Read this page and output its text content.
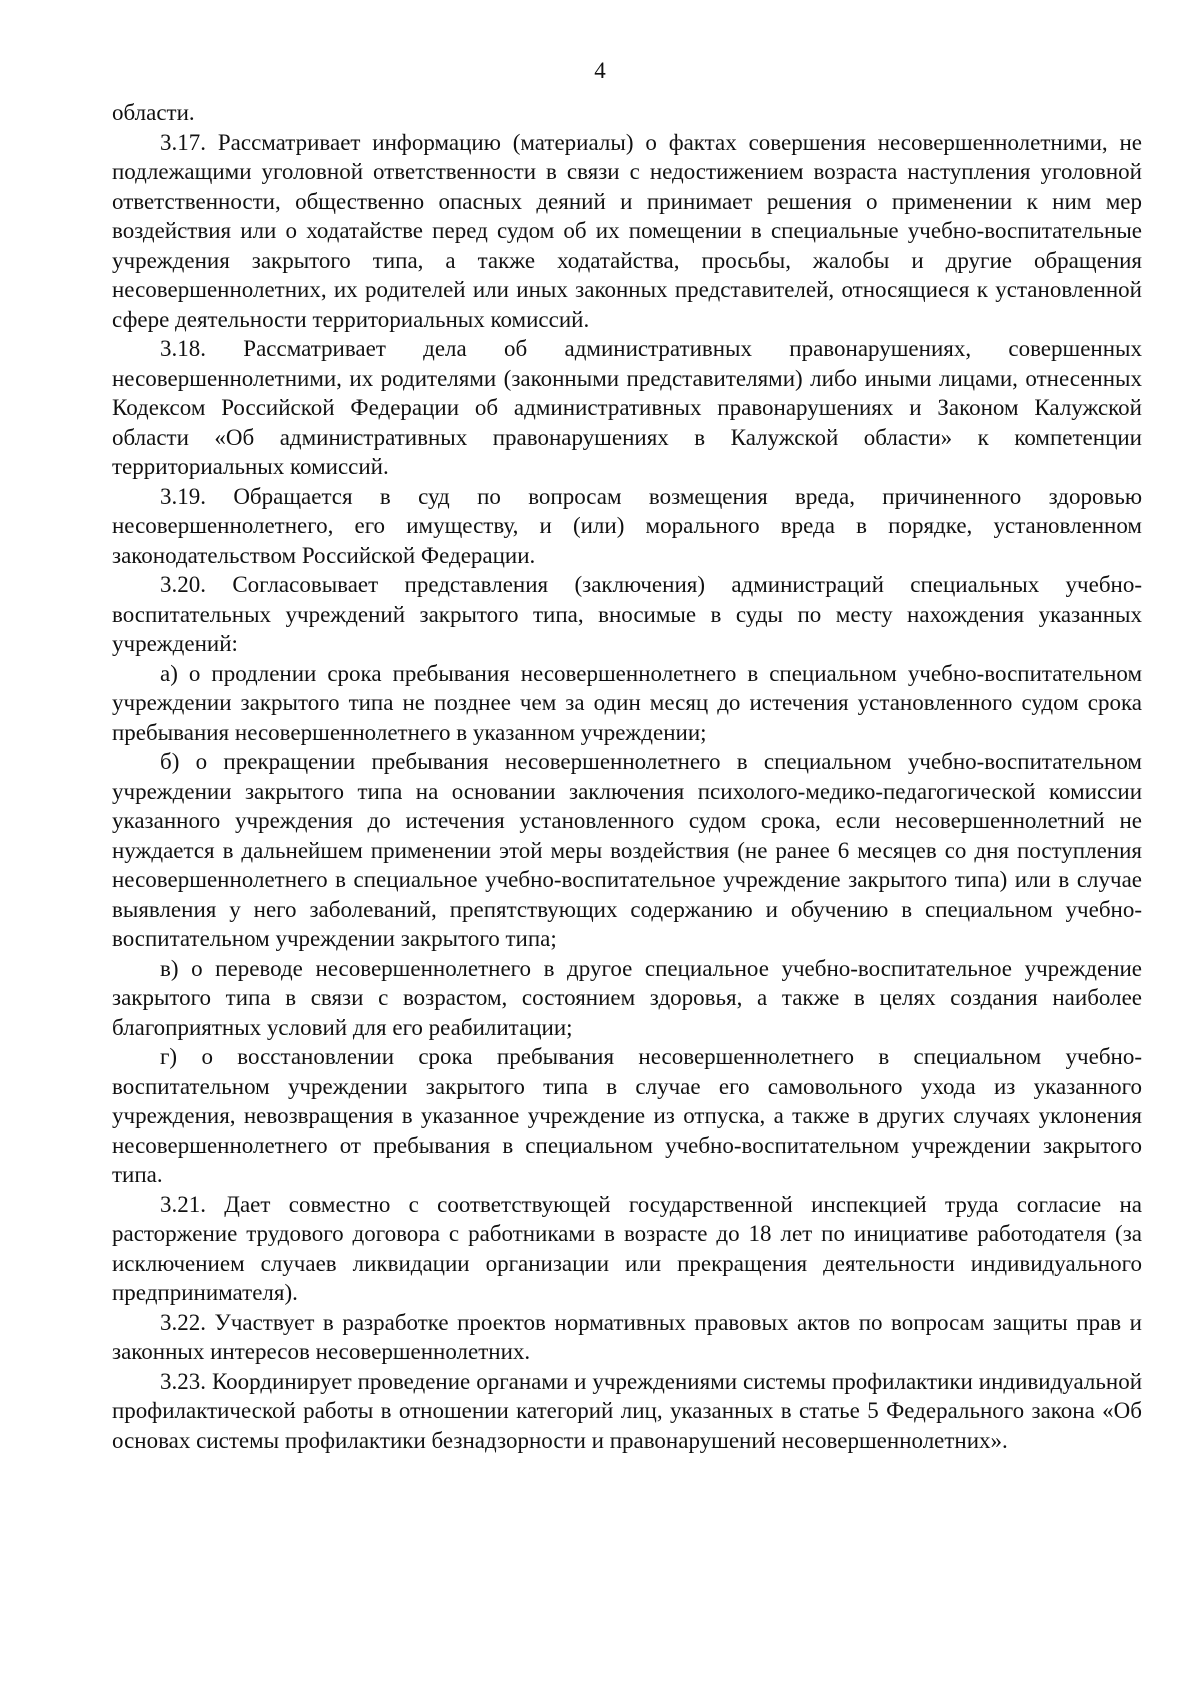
4

области.

3.17. Рассматривает информацию (материалы) о фактах совершения несовершеннолетними, не подлежащими уголовной ответственности в связи с недостижением возраста наступления уголовной ответственности, общественно опасных деяний и принимает решения о применении к ним мер воздействия или о ходатайстве перед судом об их помещении в специальные учебно-воспитательные учреждения закрытого типа, а также ходатайства, просьбы, жалобы и другие обращения несовершеннолетних, их родителей или иных законных представителей, относящиеся к установленной сфере деятельности территориальных комиссий.

3.18. Рассматривает дела об административных правонарушениях, совершенных несовершеннолетними, их родителями (законными представителями) либо иными лицами, отнесенных Кодексом Российской Федерации об административных правонарушениях и Законом Калужской области «Об административных правонарушениях в Калужской области» к компетенции территориальных комиссий.

3.19. Обращается в суд по вопросам возмещения вреда, причиненного здоровью несовершеннолетнего, его имуществу, и (или) морального вреда в порядке, установленном законодательством Российской Федерации.

3.20. Согласовывает представления (заключения) администраций специальных учебно-воспитательных учреждений закрытого типа, вносимые в суды по месту нахождения указанных учреждений:

а) о продлении срока пребывания несовершеннолетнего в специальном учебно-воспитательном учреждении закрытого типа не позднее чем за один месяц до истечения установленного судом срока пребывания несовершеннолетнего в указанном учреждении;

б) о прекращении пребывания несовершеннолетнего в специальном учебно-воспитательном учреждении закрытого типа на основании заключения психолого-медико-педагогической комиссии указанного учреждения до истечения установленного судом срока, если несовершеннолетний не нуждается в дальнейшем применении этой меры воздействия (не ранее 6 месяцев со дня поступления несовершеннолетнего в специальное учебно-воспитательное учреждение закрытого типа) или в случае выявления у него заболеваний, препятствующих содержанию и обучению в специальном учебно-воспитательном учреждении закрытого типа;

в) о переводе несовершеннолетнего в другое специальное учебно-воспитательное учреждение закрытого типа в связи с возрастом, состоянием здоровья, а также в целях создания наиболее благоприятных условий для его реабилитации;

г) о восстановлении срока пребывания несовершеннолетнего в специальном учебно-воспитательном учреждении закрытого типа в случае его самовольного ухода из указанного учреждения, невозвращения в указанное учреждение из отпуска, а также в других случаях уклонения несовершеннолетнего от пребывания в специальном учебно-воспитательном учреждении закрытого типа.

3.21. Дает совместно с соответствующей государственной инспекцией труда согласие на расторжение трудового договора с работниками в возрасте до 18 лет по инициативе работодателя (за исключением случаев ликвидации организации или прекращения деятельности индивидуального предпринимателя).

3.22. Участвует в разработке проектов нормативных правовых актов по вопросам защиты прав и законных интересов несовершеннолетних.

3.23. Координирует проведение органами и учреждениями системы профилактики индивидуальной профилактической работы в отношении категорий лиц, указанных в статье 5 Федерального закона «Об основах системы профилактики безнадзорности и правонарушений несовершеннолетних».
